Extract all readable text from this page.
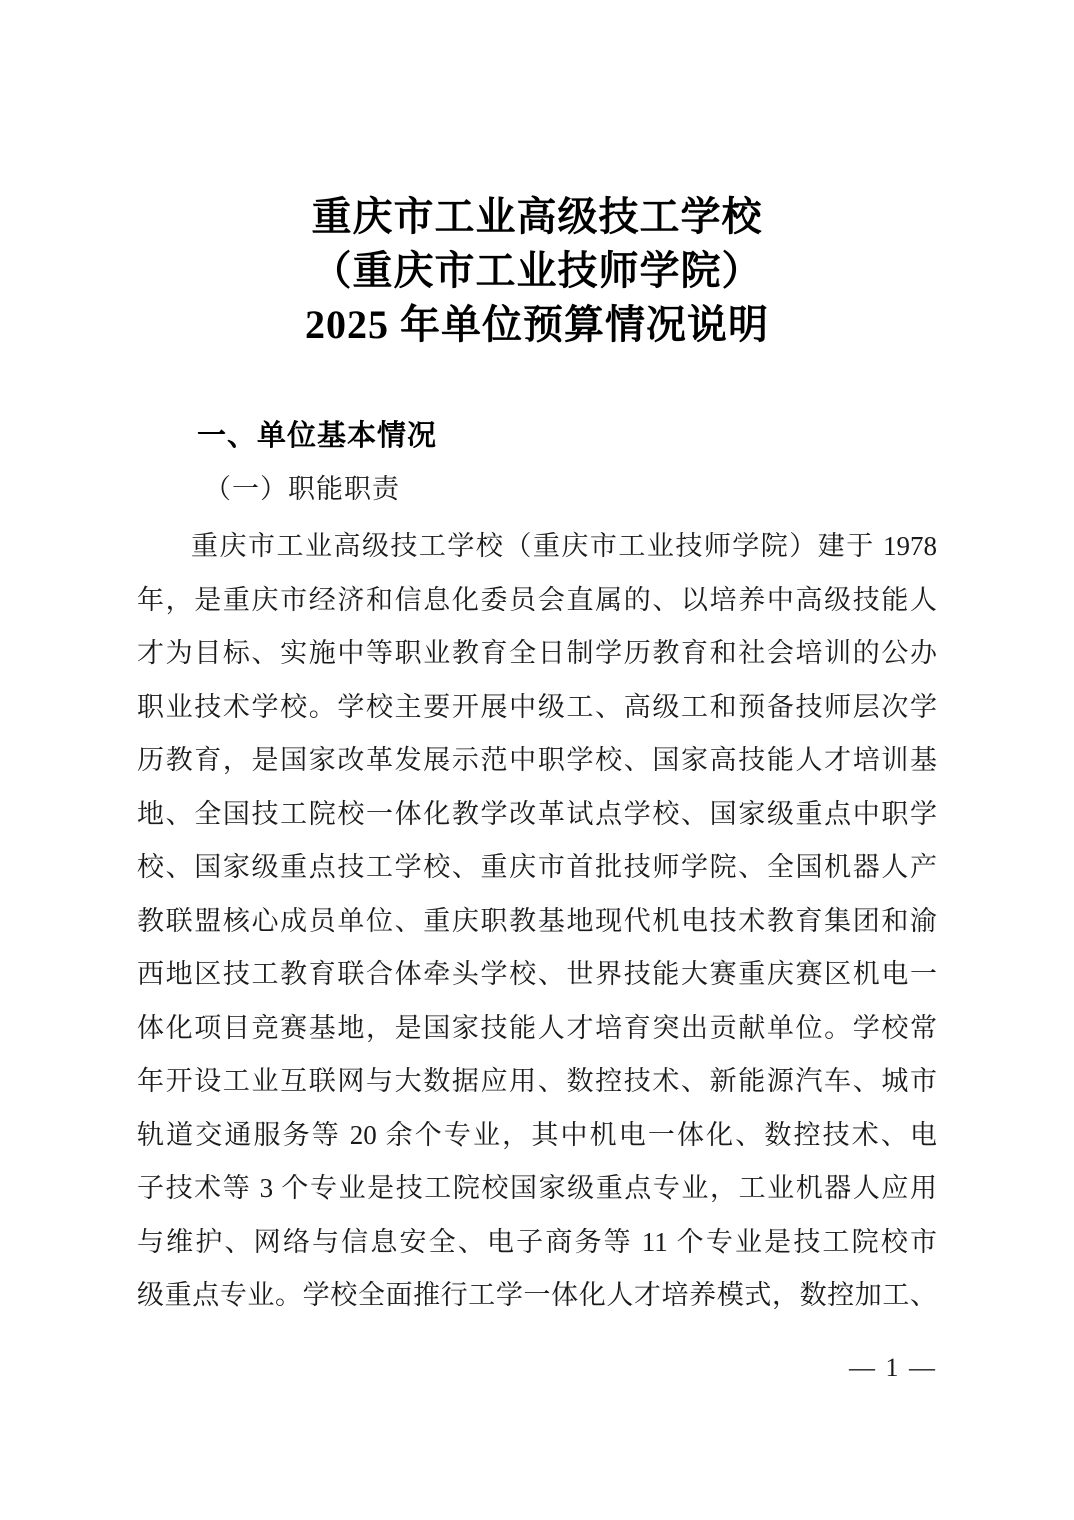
重庆市工业高级技工学校
（重庆市工业技师学院）
2025 年单位预算情况说明
一、单位基本情况
（一）职能职责
重庆市工业高级技工学校（重庆市工业技师学院）建于 1978
年，是重庆市经济和信息化委员会直属的、以培养中高级技能人
才为目标、实施中等职业教育全日制学历教育和社会培训的公办
职业技术学校。学校主要开展中级工、高级工和预备技师层次学
历教育，是国家改革发展示范中职学校、国家高技能人才培训基
地、全国技工院校一体化教学改革试点学校、国家级重点中职学
校、国家级重点技工学校、重庆市首批技师学院、全国机器人产
教联盟核心成员单位、重庆职教基地现代机电技术教育集团和渝
西地区技工教育联合体牵头学校、世界技能大赛重庆赛区机电一
体化项目竞赛基地，是国家技能人才培育突出贡献单位。学校常
年开设工业互联网与大数据应用、数控技术、新能源汽车、城市
轨道交通服务等 20 余个专业，其中机电一体化、数控技术、电
子技术等 3 个专业是技工院校国家级重点专业，工业机器人应用
与维护、网络与信息安全、电子商务等 11 个专业是技工院校市
级重点专业。学校全面推行工学一体化人才培养模式，数控加工、
— 1 —
